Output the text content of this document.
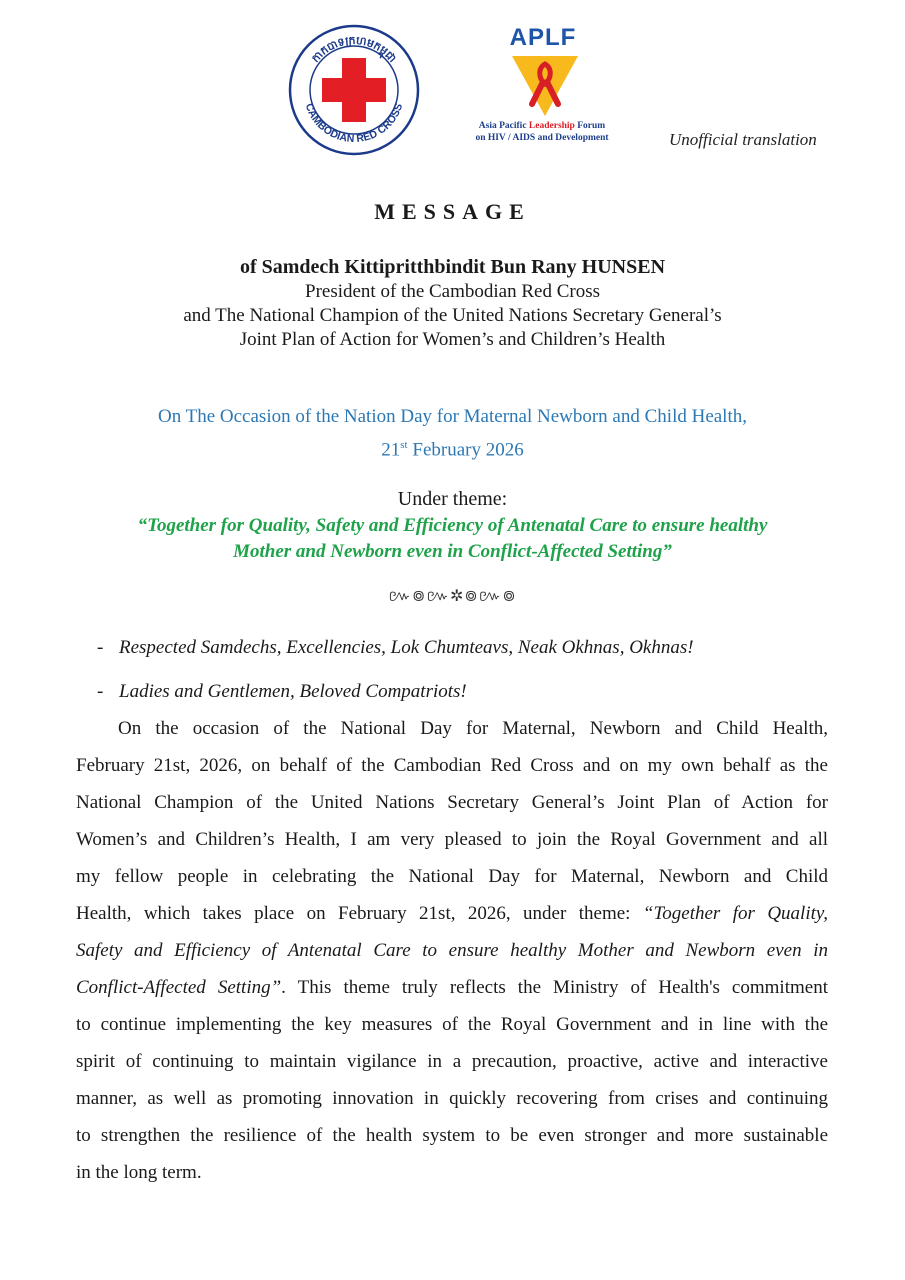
កាកបាទក្រហមកម្ពុជា
CAMBODIAN RED CROSS
APLF
Asia Pacific Leadership Forum
on HIV / AIDS and Development	Unofficial translation
MESSAGE
of Samdech Kittipritthbindit Bun Rany HUNSEN
President of the Cambodian Red Cross
and The National Champion of the United Nations Secretary General’s
Joint Plan of Action for Women’s and Children’s Health
On The Occasion of the Nation Day for Maternal Newborn and Child Health,
21st February 2026
Under theme:
“Together for Quality, Safety and Efficiency of Antenatal Care to ensure healthy
Mother and Newborn even in Conflict-Affected Setting”
៚៙៚✲៙៚៙
- Respected Samdechs, Excellencies, Lok Chumteavs, Neak Okhnas, Okhnas!
- Ladies and Gentlemen, Beloved Compatriots!
On the occasion of the National Day for Maternal, Newborn and Child Health,
February 21st, 2026, on behalf of the Cambodian Red Cross and on my own behalf as the
National Champion of the United Nations Secretary General’s Joint Plan of Action for
Women’s and Children’s Health, I am very pleased to join the Royal Government and all
my fellow people in celebrating the National Day for Maternal, Newborn and Child
Health, which takes place on February 21st, 2026, under theme: “Together for Quality,
Safety and Efficiency of Antenatal Care to ensure healthy Mother and Newborn even in
Conflict-Affected Setting”. This theme truly reflects the Ministry of Health's commitment
to continue implementing the key measures of the Royal Government and in line with the
spirit of continuing to maintain vigilance in a precaution, proactive, active and interactive
manner, as well as promoting innovation in quickly recovering from crises and continuing
to strengthen the resilience of the health system to be even stronger and more sustainable
in the long term.
